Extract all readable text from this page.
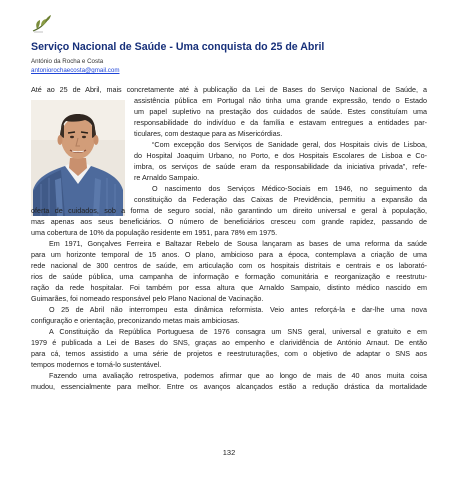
Serviço Nacional de Saúde - Uma conquista do 25 de Abril
António da Rocha e Costa
antoniorochaecosta@gmail.com
Até ao 25 de Abril, mais concretamente até à publicação da Lei de Bases do Serviço Nacional de Saúde, a
assistência pública em Portugal não tinha uma grande expressão, tendo o Estado
um papel supletivo na prestação dos cuidados de saúde. Estes constituíam uma
responsabilidade do indivíduo e da família e estavam entregues a entidades par-
ticulares, com destaque para as Misericórdias.
“Com excepção dos Serviços de Sanidade geral, dos Hospitais civis de Lisboa,
do Hospital Joaquim Urbano, no Porto, e dos Hospitais Escolares de Lisboa e Co-
imbra, os serviços de saúde eram da responsabilidade da iniciativa privada”, refe-
re Arnaldo Sampaio.
O nascimento dos Serviços Médico-Sociais em 1946, no seguimento da
constituição da Federação das Caixas de Previdência, permitiu a expansão da
oferta de cuidados, sob a forma de seguro social, não garantindo um direito universal e geral à população,
mas apenas aos seus beneficiários. O número de beneficiários cresceu com grande rapidez, passando de
uma cobertura de 10% da população residente em 1951, para 78% em 1975.
Em 1971, Gonçalves Ferreira e Baltazar Rebelo de Sousa lançaram as bases de uma reforma da saúde
para um horizonte temporal de 15 anos. O plano, ambicioso para a época, contemplava a criação de uma
rede nacional de 300 centros de saúde, em articulação com os hospitais distritais e centrais e os laborató-
rios de saúde pública, uma campanha de informação e formação comunitária e reorganização e reestrutu-
ração da rede hospitalar. Foi também por essa altura que Arnaldo Sampaio, distinto médico nascido em
Guimarães, foi nomeado responsável pelo Plano Nacional de Vacinação.
O 25 de Abril não interrompeu esta dinâmica reformista. Veio antes reforçá-la e dar-lhe uma nova
configuração e orientação, preconizando metas mais ambiciosas.
A Constituição da República Portuguesa de 1976 consagra um SNS geral, universal e gratuito e em
1979 é publicada a Lei de Bases do SNS, graças ao empenho e clarividência de António Arnaut. De então
para cá, temos assistido a uma série de projetos e reestruturações, com o objetivo de adaptar o SNS aos
tempos modernos e torná-lo sustentável.
Fazendo uma avaliação retrospetiva, podemos afirmar que ao longo de mais de 40 anos muita coisa
mudou, essencialmente para melhor. Entre os avanços alcançados estão a redução drástica da mortalidade
132
